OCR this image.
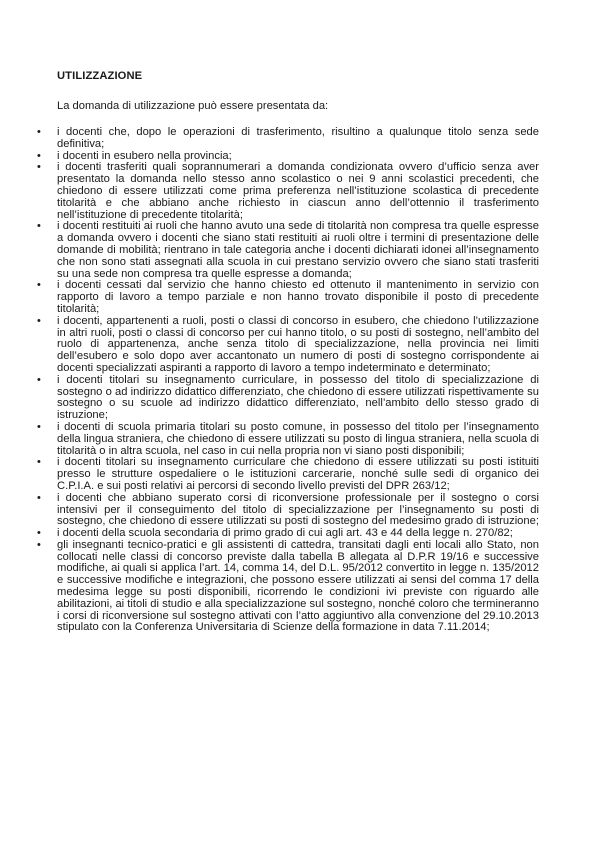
UTILIZZAZIONE
La domanda di utilizzazione può essere presentata da:
• i docenti che, dopo le operazioni di trasferimento, risultino a qualunque titolo senza sede definitiva;
• i docenti in esubero nella provincia;
• i docenti trasferiti quali soprannumerari a domanda condizionata ovvero d’ufficio senza aver presentato la domanda nello stesso anno scolastico o nei 9 anni scolastici precedenti, che chiedono di essere utilizzati come prima preferenza nell’istituzione scolastica di precedente titolarità e che abbiano anche richiesto in ciascun anno dell’ottennio il trasferimento nell’istituzione di precedente titolarità;
• i docenti restituiti ai ruoli che hanno avuto una sede di titolarità non compresa tra quelle espresse a domanda ovvero i docenti che siano stati restituiti ai ruoli oltre i termini di presentazione delle domande di mobilità; rientrano in tale categoria anche i docenti dichiarati idonei all’insegnamento che non sono stati assegnati alla scuola in cui prestano servizio ovvero che siano stati trasferiti su una sede non compresa tra quelle espresse a domanda;
• i docenti cessati dal servizio che hanno chiesto ed ottenuto il mantenimento in servizio con rapporto di lavoro a tempo parziale e non hanno trovato disponibile il posto di precedente titolarità;
• i docenti, appartenenti a ruoli, posti o classi di concorso in esubero, che chiedono l’utilizzazione in altri ruoli, posti o classi di concorso per cui hanno titolo, o su posti di sostegno, nell’ambito del ruolo di appartenenza, anche senza titolo di specializzazione, nella provincia nei limiti dell’esubero e solo dopo aver accantonato un numero di posti di sostegno corrispondente ai docenti specializzati aspiranti a rapporto di lavoro a tempo indeterminato e determinato;
• i docenti titolari su insegnamento curriculare, in possesso del titolo di specializzazione di sostegno o ad indirizzo didattico differenziato, che chiedono di essere utilizzati rispettivamente su sostegno o su scuole ad indirizzo didattico differenziato, nell’ambito dello stesso grado di istruzione;
• i docenti di scuola primaria titolari su posto comune, in possesso del titolo per l’insegnamento della lingua straniera, che chiedono di essere utilizzati su posto di lingua straniera, nella scuola di titolarità o in altra scuola, nel caso in cui nella propria non vi siano posti disponibili;
• i docenti titolari su insegnamento curriculare che chiedono di essere utilizzati su posti istituiti presso le strutture ospedaliere o le istituzioni carcerarie, nonché sulle sedi di organico dei C.P.I.A. e sui posti relativi ai percorsi di secondo livello previsti del DPR 263/12;
• i docenti che abbiano superato corsi di riconversione professionale per il sostegno o corsi intensivi per il conseguimento del titolo di specializzazione per l’insegnamento su posti di sostegno, che chiedono di essere utilizzati su posti di sostegno del medesimo grado di istruzione;
• i docenti della scuola secondaria di primo grado di cui agli art. 43 e 44 della legge n. 270/82;
• gli insegnanti tecnico-pratici e gli assistenti di cattedra, transitati dagli enti locali allo Stato, non collocati nelle classi di concorso previste dalla tabella B allegata al D.P.R 19/16 e successive modifiche, ai quali si applica l’art. 14, comma 14, del D.L. 95/2012 convertito in legge n. 135/2012 e successive modifiche e integrazioni, che possono essere utilizzati ai sensi del comma 17 della medesima legge su posti disponibili, ricorrendo le condizioni ivi previste con riguardo alle abilitazioni, ai titoli di studio e alla specializzazione sul sostegno, nonché coloro che termineranno i corsi di riconversione sul sostegno attivati con l’atto aggiuntivo alla convenzione del 29.10.2013 stipulato con la Conferenza Universitaria di Scienze della formazione in data 7.11.2014;
